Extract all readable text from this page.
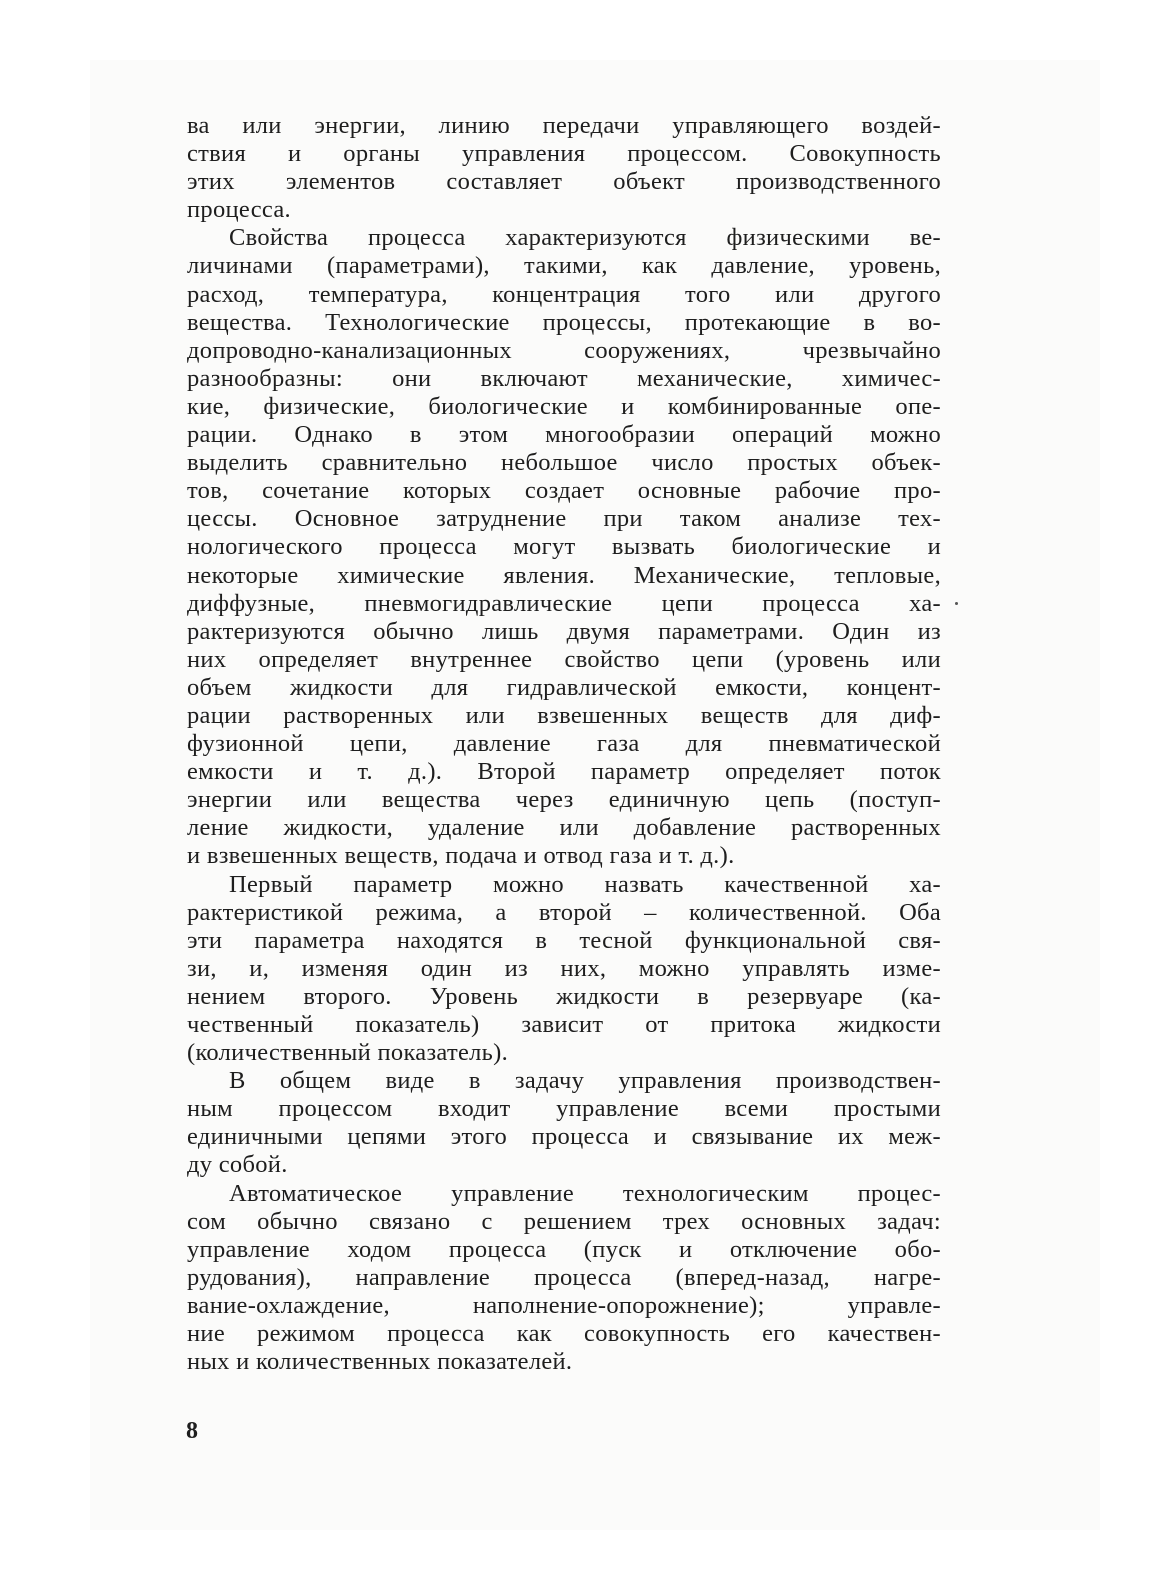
ва или энергии, линию передачи управляющего воздей-
ствия и органы управления процессом. Совокупность
этих элементов составляет объект производственного
процесса.
Свойства процесса характеризуются физическими ве-
личинами (параметрами), такими, как давление, уровень,
расход, температура, концентрация того или другого
вещества. Технологические процессы, протекающие в во-
допроводно-канализационных сооружениях, чрезвычайно
разнообразны: они включают механические, химичес-
кие, физические, биологические и комбинированные опе-
рации. Однако в этом многообразии операций можно
выделить сравнительно небольшое число простых объек-
тов, сочетание которых создает основные рабочие про-
цессы. Основное затруднение при таком анализе тех-
нологического процесса могут вызвать биологические и
некоторые химические явления. Механические, тепловые,
диффузные, пневмогидравлические цепи процесса ха-
рактеризуются обычно лишь двумя параметрами. Один из
них определяет внутреннее свойство цепи (уровень или
объем жидкости для гидравлической емкости, концент-
рации растворенных или взвешенных веществ для диф-
фузионной цепи, давление газа для пневматической
емкости и т. д.). Второй параметр определяет поток
энергии или вещества через единичную цепь (поступ-
ление жидкости, удаление или добавление растворенных
и взвешенных веществ, подача и отвод газа и т. д.).
Первый параметр можно назвать качественной ха-
рактеристикой режима, а второй – количественной. Оба
эти параметра находятся в тесной функциональной свя-
зи, и, изменяя один из них, можно управлять изме-
нением второго. Уровень жидкости в резервуаре (ка-
чественный показатель) зависит от притока жидкости
(количественный показатель).
В общем виде в задачу управления производствен-
ным процессом входит управление всеми простыми
единичными цепями этого процесса и связывание их меж-
ду собой.
Автоматическое управление технологическим процес-
сом обычно связано с решением трех основных задач:
управление ходом процесса (пуск и отключение обо-
рудования), направление процесса (вперед-назад, нагре-
вание-охлаждение, наполнение-опорожнение); управле-
ние режимом процесса как совокупность его качествен-
ных и количественных показателей.
8
